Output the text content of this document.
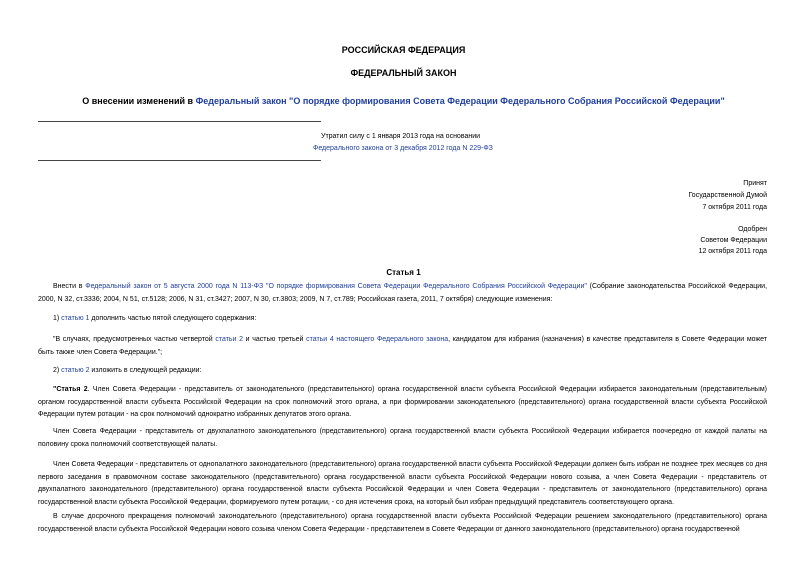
РОССИЙСКАЯ ФЕДЕРАЦИЯ
ФЕДЕРАЛЬНЫЙ ЗАКОН
О внесении изменений в Федеральный закон "О порядке формирования Совета Федерации Федерального Собрания Российской Федерации"
Утратил силу с 1 января 2013 года на основании
Федерального закона от 3 декабря 2012 года N 229-ФЗ
Принят
Государственной Думой
7 октября 2011 года
Одобрен
Советом Федерации
12 октября 2011 года
Статья 1
Внести в Федеральный закон от 5 августа 2000 года N 113-ФЗ "О порядке формирования Совета Федерации Федерального Собрания Российской Федерации" (Собрание законодательства Российской Федерации, 2000, N 32, ст.3336; 2004, N 51, ст.5128; 2006, N 31, ст.3427; 2007, N 30, ст.3803; 2009, N 7, ст.789; Российская газета, 2011, 7 октября) следующие изменения:
1) статью 1 дополнить частью пятой следующего содержания:
"В случаях, предусмотренных частью четвертой статьи 2 и частью третьей статьи 4 настоящего Федерального закона, кандидатом для избрания (назначения) в качестве представителя в Совете Федерации может быть также член Совета Федерации.";
2) статью 2 изложить в следующей редакции:
"Статья 2. Член Совета Федерации - представитель от законодательного (представительного) органа государственной власти субъекта Российской Федерации избирается законодательным (представительным) органом государственной власти субъекта Российской Федерации на срок полномочий этого органа, а при формировании законодательного (представительного) органа государственной власти субъекта Российской Федерации путем ротации - на срок полномочий однократно избранных депутатов этого органа.
Член Совета Федерации - представитель от двухпалатного законодательного (представительного) органа государственной власти субъекта Российской Федерации избирается поочередно от каждой палаты на половину срока полномочий соответствующей палаты.
Член Совета Федерации - представитель от однопалатного законодательного (представительного) органа государственной власти субъекта Российской Федерации должен быть избран не позднее трех месяцев со дня первого заседания в правомочном составе законодательного (представительного) органа государственной власти субъекта Российской Федерации нового созыва, а член Совета Федерации - представитель от двухпалатного законодательного (представительного) органа государственной власти субъекта Российской Федерации и член Совета Федерации - представитель от законодательного (представительного) органа государственной власти субъекта Российской Федерации, формируемого путем ротации, - со дня истечения срока, на который был избран предыдущий представитель соответствующего органа.
В случае досрочного прекращения полномочий законодательного (представительного) органа государственной власти субъекта Российской Федерации решением законодательного (представительного) органа государственной власти субъекта Российской Федерации нового созыва членом Совета Федерации - представителем в Совете Федерации от данного законодательного (представительного) органа государственной
